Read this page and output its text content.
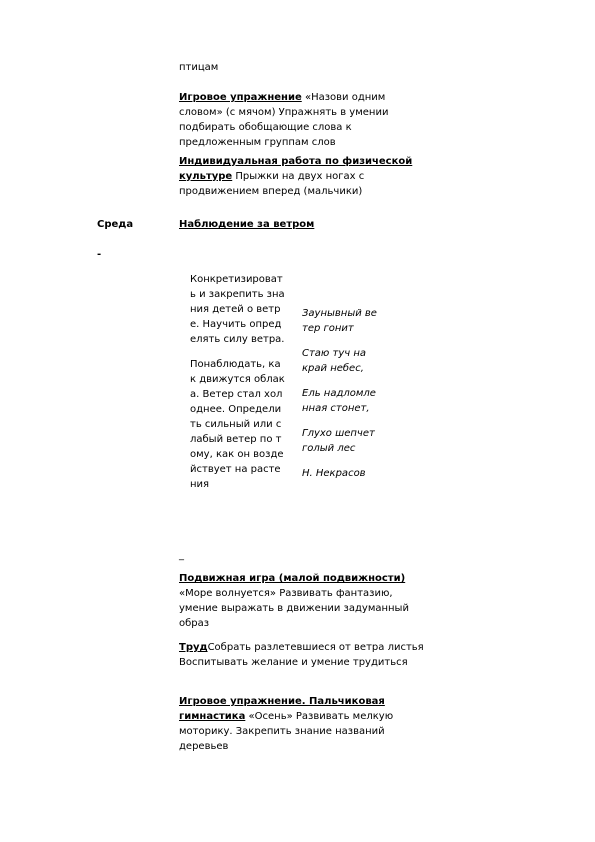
птицам

Игровое упражнение «Назови одним словом» (с мячом) Упражнять в умении подбирать обобщающие слова к предложенным группам слов

Индивидуальная работа по физической культуре Прыжки на двух ногах с продвижением вперед (мальчики)

Среда
-
Наблюдение за ветром

Конкретизировать и закрепить знания детей о ветре. Научить определять силу ветра.

Понаблюдать, как движутся облака. Ветер стал холоднее. Определить сильный или слабый ветер по тому, как он воздействует на растения

Заунывный ветер гонит

Стаю туч на край небес,

Ель надломленная стонет,

Глухо шепчет голый лес

Н. Некрасов

_

Подвижная игра (малой подвижности) «Море волнуется» Развивать фантазию, умение выражать в движении задуманный образ

ТрудСобрать разлетевшиеся от ветра листья Воспитывать желание и умение трудиться

Игровое упражнение. Пальчиковая гимнастика «Осень» Развивать мелкую моторику. Закрепить знание названий деревьев
